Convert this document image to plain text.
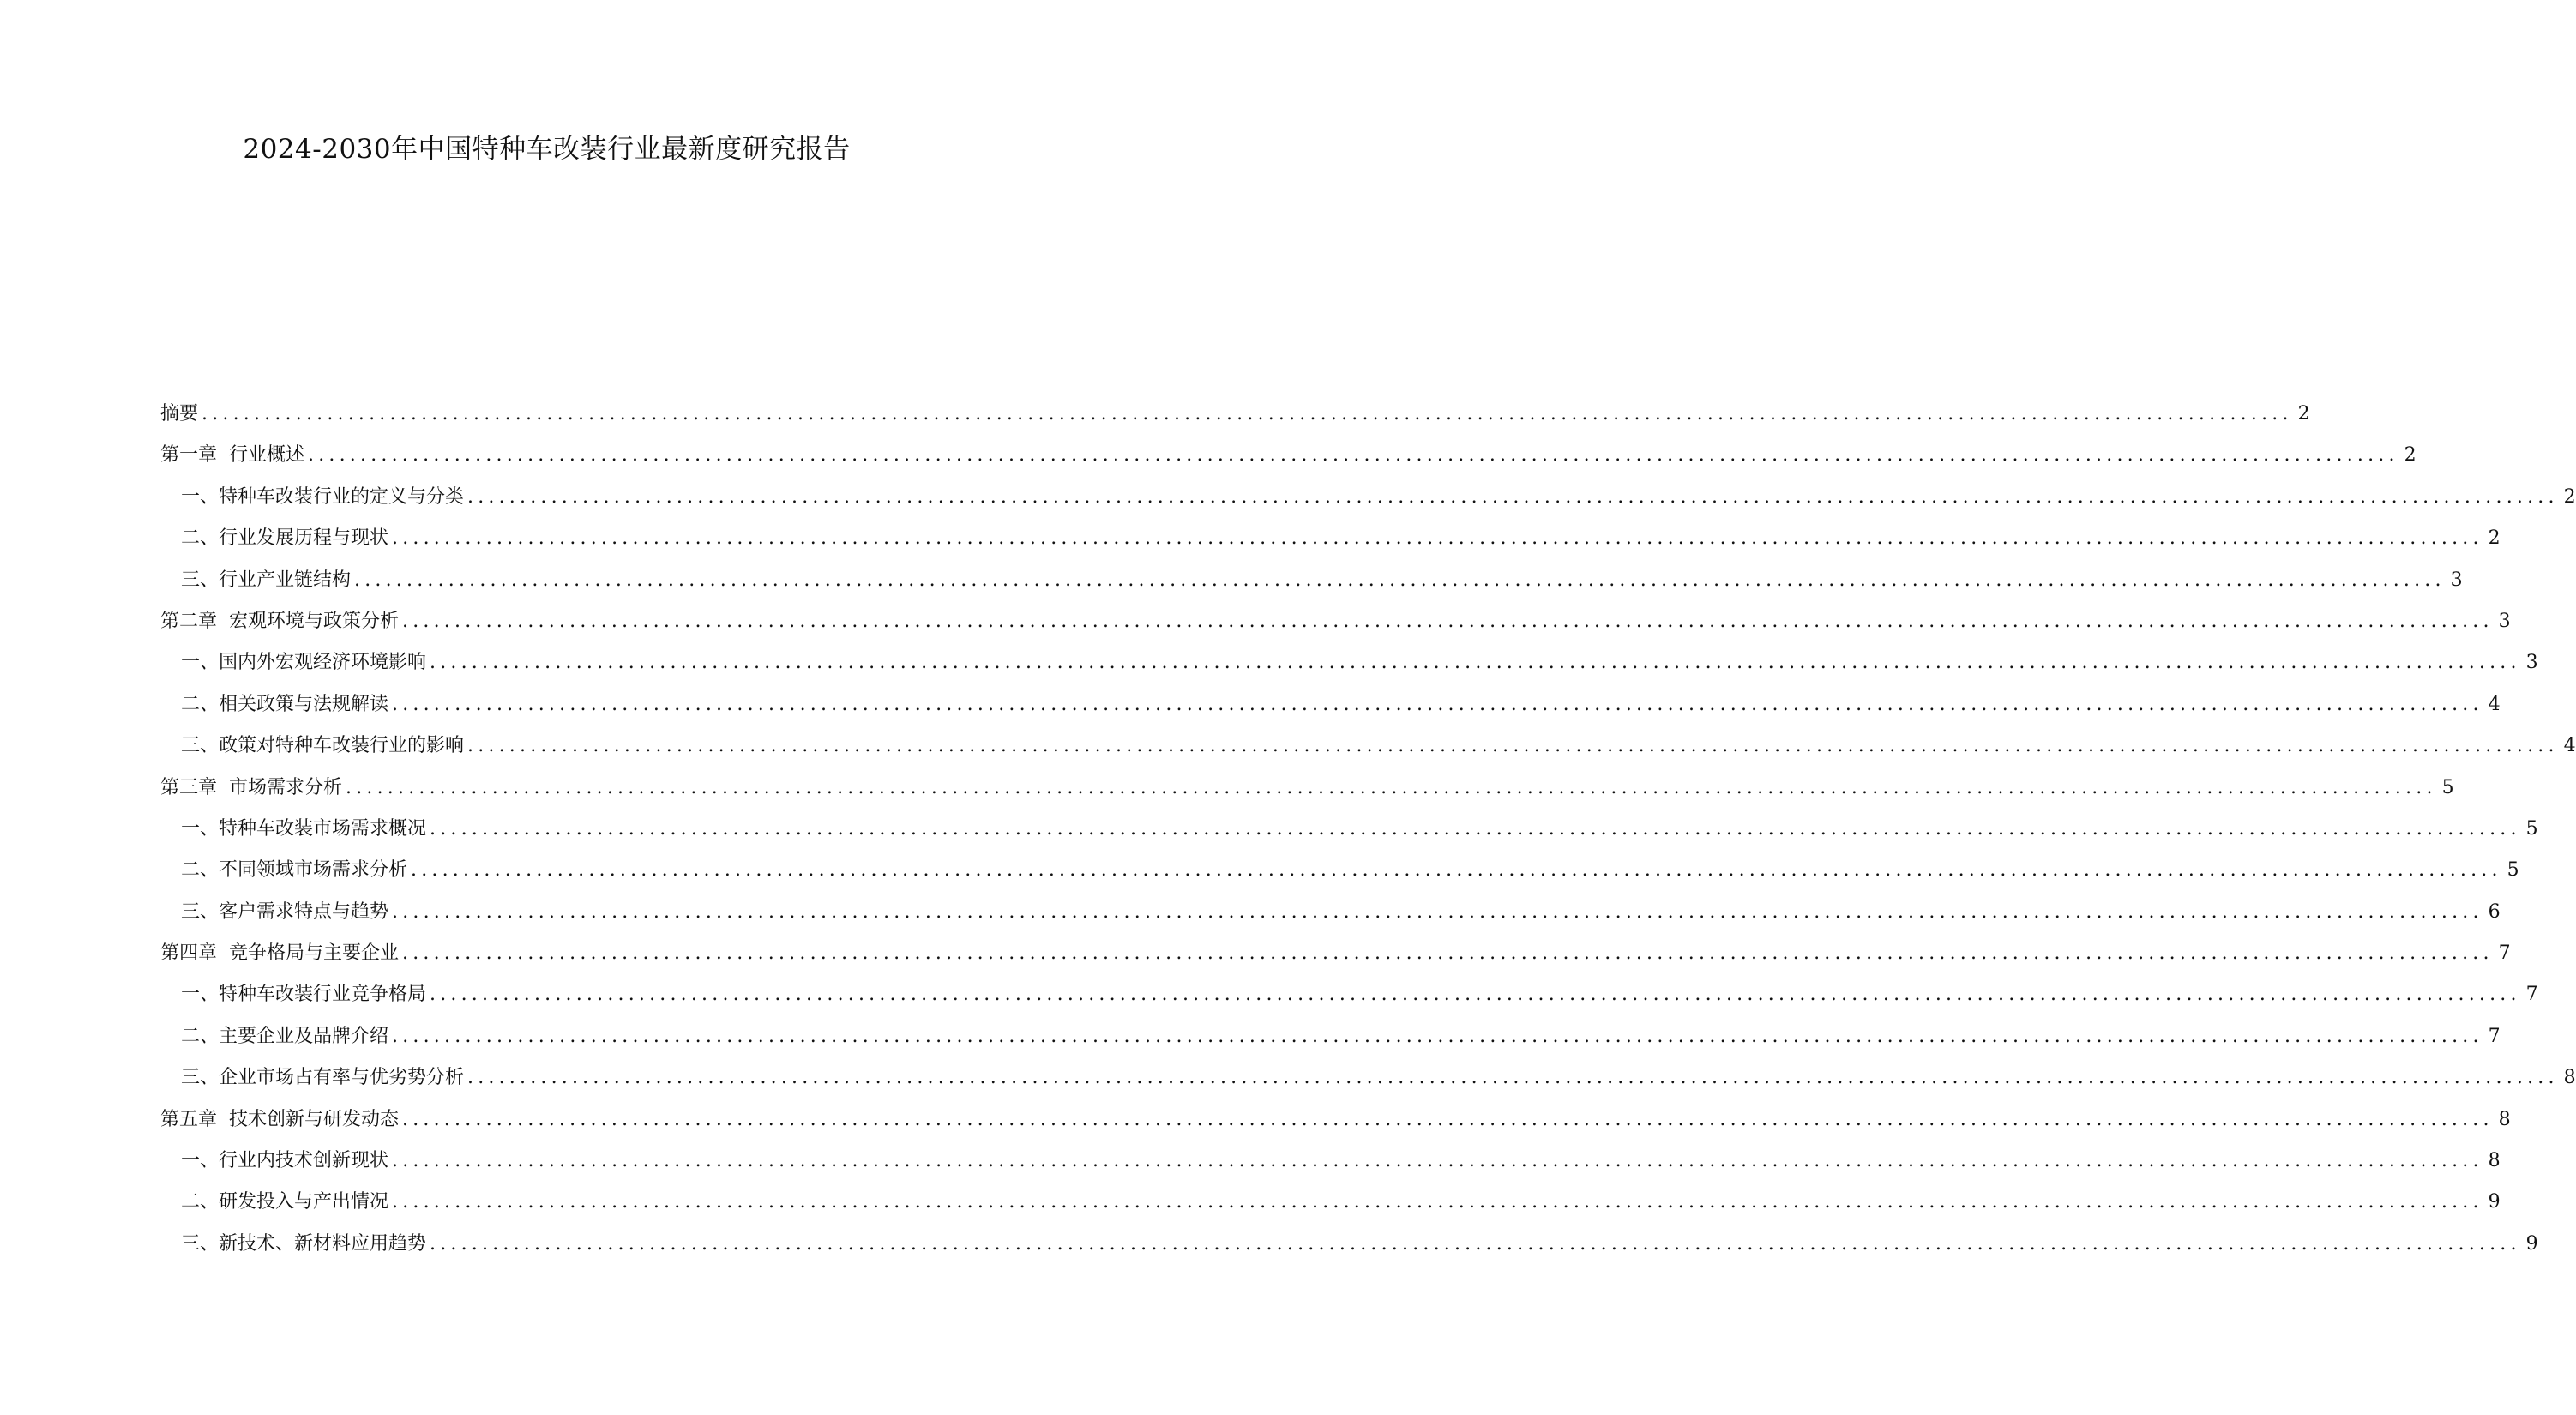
2024-2030年中国特种车改装行业最新度研究报告
摘要 ........................................................................................................................................................................................................ 2
第一章 行业概述 ........................................................................................................................................................................................................ 2
一、 特种车改装行业的定义与分类 ........................................................................................................................................................................................................ 2
二、 行业发展历程与现状 ........................................................................................................................................................................................................ 2
三、 行业产业链结构 ........................................................................................................................................................................................................ 3
第二章 宏观环境与政策分析 ........................................................................................................................................................................................................ 3
一、 国内外宏观经济环境影响 ........................................................................................................................................................................................................ 3
二、 相关政策与法规解读 ........................................................................................................................................................................................................ 4
三、 政策对特种车改装行业的影响 ........................................................................................................................................................................................................ 4
第三章 市场需求分析 ........................................................................................................................................................................................................ 5
一、 特种车改装市场需求概况 ........................................................................................................................................................................................................ 5
二、 不同领域市场需求分析 ........................................................................................................................................................................................................ 5
三、 客户需求特点与趋势 ........................................................................................................................................................................................................ 6
第四章 竞争格局与主要企业 ........................................................................................................................................................................................................ 7
一、 特种车改装行业竞争格局 ........................................................................................................................................................................................................ 7
二、 主要企业及品牌介绍 ........................................................................................................................................................................................................ 7
三、 企业市场占有率与优劣势分析 ........................................................................................................................................................................................................ 8
第五章 技术创新与研发动态 ........................................................................................................................................................................................................ 8
一、 行业内技术创新现状 ........................................................................................................................................................................................................ 8
二、 研发投入与产出情况 ........................................................................................................................................................................................................ 9
三、 新技术、新材料应用趋势 ........................................................................................................................................................................................................ 9
